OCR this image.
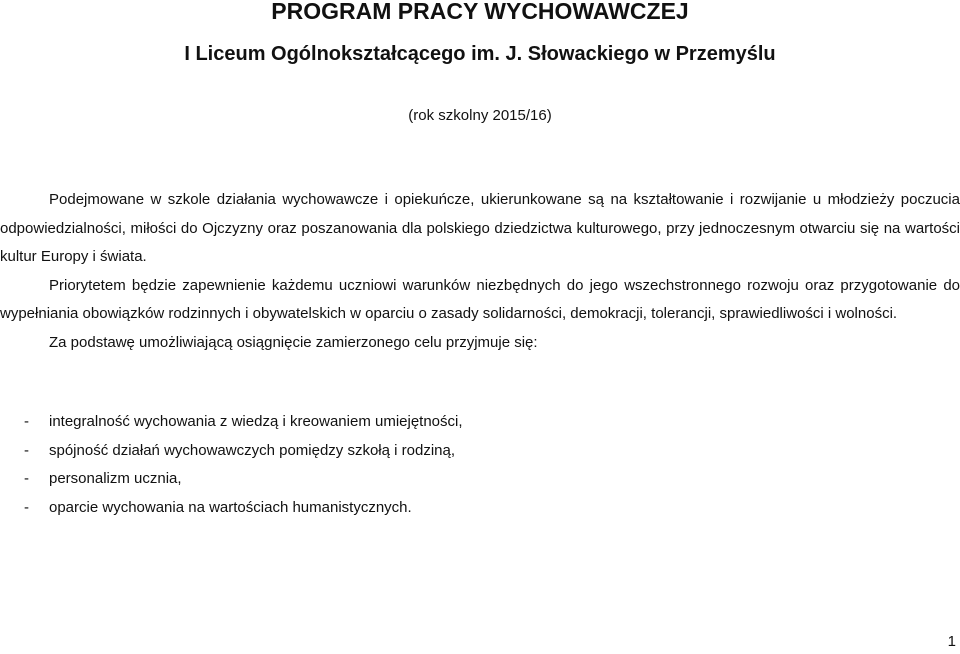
PROGRAM PRACY WYCHOWAWCZEJ
I Liceum Ogólnokształcącego im. J. Słowackiego w Przemyślu
(rok szkolny 2015/16)

Podejmowane w szkole działania wychowawcze i opiekuńcze, ukierunkowane są na kształtowanie i rozwijanie u młodzieży poczucia odpowiedzialności, miłości do Ojczyzny oraz poszanowania dla polskiego dziedzictwa kulturowego, przy jednoczesnym otwarciu się na wartości kultur Europy i świata.

Priorytetem będzie zapewnienie każdemu uczniowi warunków niezbędnych do jego wszechstronnego rozwoju oraz przygotowanie do wypełniania obowiązków rodzinnych i obywatelskich w oparciu o zasady solidarności, demokracji, tolerancji, sprawiedliwości i wolności.

Za podstawę umożliwiającą osiągnięcie zamierzonego celu przyjmuje się:

- integralność wychowania z wiedzą i kreowaniem umiejętności,
- spójność działań wychowawczych pomiędzy szkołą i rodziną,
- personalizm ucznia,
- oparcie wychowania na wartościach humanistycznych.
1
